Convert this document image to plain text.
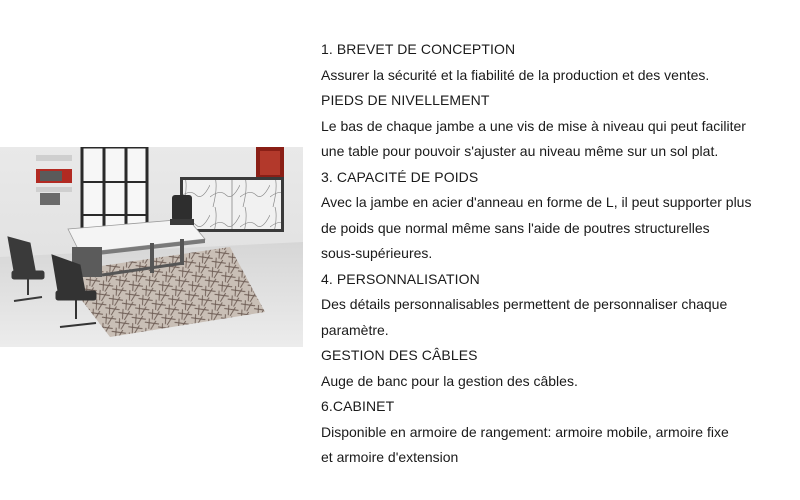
1. BREVET DE CONCEPTION

Assurer la sécurité et la fiabilité de la production et des ventes.

PIEDS DE NIVELLEMENT

Le bas de chaque jambe a une vis de mise à niveau qui peut faciliter

une table pour pouvoir s'ajuster au niveau même sur un sol plat.

3. CAPACITÉ DE POIDS

Avec la jambe en acier d'anneau en forme de L, il peut supporter plus

de poids que normal même sans l'aide de poutres structurelles

sous-supérieures.

4. PERSONNALISATION

Des détails personnalisables permettent de personnaliser chaque

paramètre.

GESTION DES CÂBLES

Auge de banc pour la gestion des câbles.

6.CABINET

Disponible en armoire de rangement: armoire mobile, armoire fixe

et armoire d'extension
